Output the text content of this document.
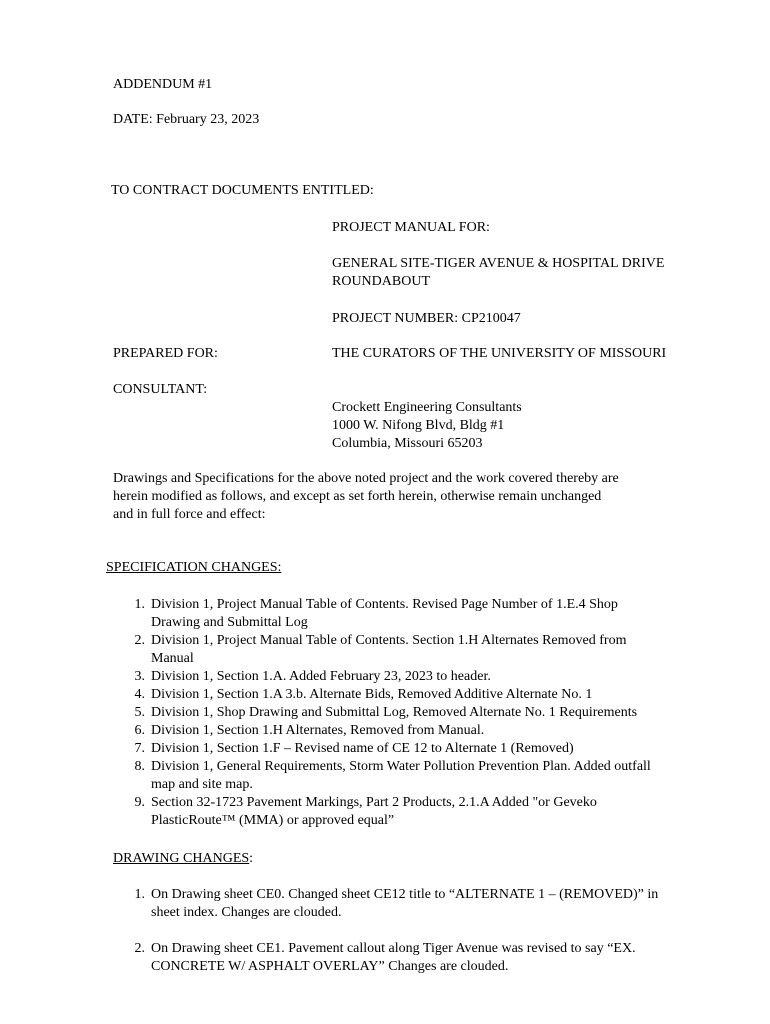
ADDENDUM #1
DATE: February 23, 2023
TO CONTRACT DOCUMENTS ENTITLED:
PROJECT MANUAL FOR:
GENERAL SITE-TIGER AVENUE & HOSPITAL DRIVE
ROUNDABOUT
PROJECT NUMBER: CP210047
PREPARED FOR:	THE CURATORS OF THE UNIVERSITY OF MISSOURI
CONSULTANT:
Crockett Engineering Consultants
1000 W. Nifong Blvd, Bldg #1
Columbia, Missouri 65203
Drawings and Specifications for the above noted project and the work covered thereby are
herein modified as follows, and except as set forth herein, otherwise remain unchanged
and in full force and effect:
SPECIFICATION CHANGES:
1. Division 1, Project Manual Table of Contents. Revised Page Number of 1.E.4 Shop
Drawing and Submittal Log
2. Division 1, Project Manual Table of Contents. Section 1.H Alternates Removed from
Manual
3. Division 1, Section 1.A. Added February 23, 2023 to header.
4. Division 1, Section 1.A 3.b. Alternate Bids, Removed Additive Alternate No. 1
5. Division 1, Shop Drawing and Submittal Log, Removed Alternate No. 1 Requirements
6. Division 1, Section 1.H Alternates, Removed from Manual.
7. Division 1, Section 1.F – Revised name of CE 12 to Alternate 1 (Removed)
8. Division 1, General Requirements, Storm Water Pollution Prevention Plan. Added outfall
map and site map.
9. Section 32-1723 Pavement Markings, Part 2 Products, 2.1.A Added "or Geveko
PlasticRoute™ (MMA) or approved equal”
DRAWING CHANGES:
1. On Drawing sheet CE0. Changed sheet CE12 title to “ALTERNATE 1 – (REMOVED)” in
sheet index. Changes are clouded.
2. On Drawing sheet CE1. Pavement callout along Tiger Avenue was revised to say “EX.
CONCRETE W/ ASPHALT OVERLAY” Changes are clouded.
